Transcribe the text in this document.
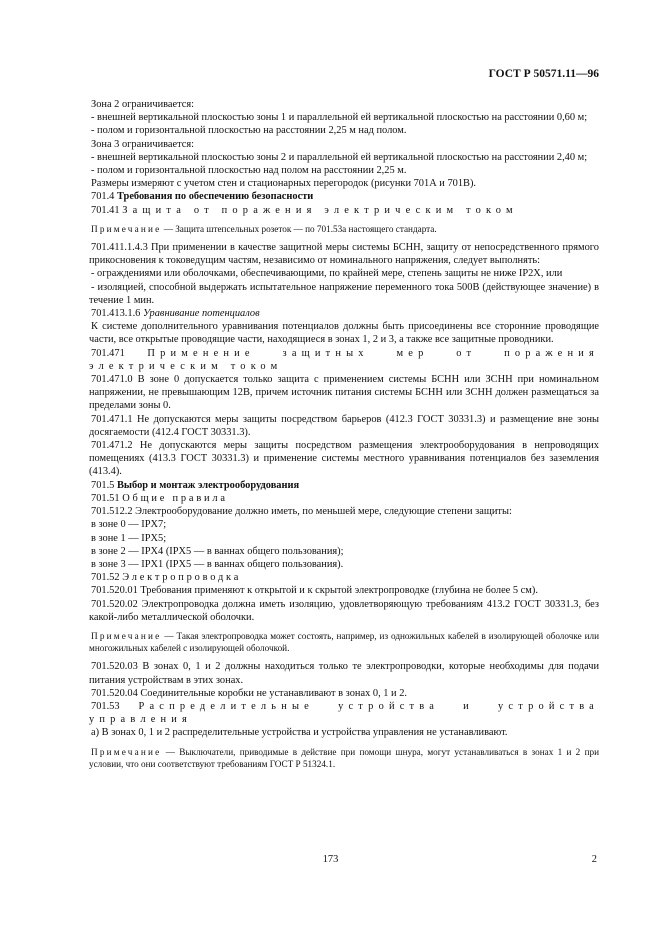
ГОСТ Р 50571.11—96

Зона 2 ограничивается:

- внешней вертикальной плоскостью зоны 1 и параллельной ей вертикальной плоскостью на расстоянии 0,60 м;

- полом и горизонтальной плоскостью на расстоянии 2,25 м над полом.

Зона 3 ограничивается:

- внешней вертикальной плоскостью зоны 2 и параллельной ей вертикальной плоскостью на расстоянии 2,40 м;

- полом и горизонтальной плоскостью над полом на расстоянии 2,25 м.

Размеры измеряют с учетом стен и стационарных перегородок (рисунки 701А и 701В).

701.4 Требования по обеспечению безопасности

701.41 Защита от поражения электрическим током

Примечание — Защита штепсельных розеток — по 701.53а настоящего стандарта.

701.411.1.4.3 При применении в качестве защитной меры системы БСНН, защиту от непосредственного прямого прикосновения к токоведущим частям, независимо от номинального напряжения, следует выполнять:

- ограждениями или оболочками, обеспечивающими, по крайней мере, степень защиты не ниже IP2X, или

- изоляцией, способной выдержать испытательное напряжение переменного тока 500В (действующее значение) в течение 1 мин.

701.413.1.6 Уравнивание потенциалов

К системе дополнительного уравнивания потенциалов должны быть присоединены все сторонние проводящие части, все открытые проводящие части, находящиеся в зонах 1, 2 и 3, а также все защитные проводники.

701.471 Применение защитных мер от поражения электрическим током

701.471.0 В зоне 0 допускается только защита с применением системы БСНН или ЗСНН при номинальном напряжении, не превышающим 12В, причем источник питания системы БСНН или ЗСНН должен размещаться за пределами зоны 0.

701.471.1 Не допускаются меры защиты посредством барьеров (412.3 ГОСТ 30331.3) и размещение вне зоны досягаемости (412.4 ГОСТ 30331.3).

701.471.2 Не допускаются меры защиты посредством размещения электрооборудования в непроводящих помещениях (413.3 ГОСТ 30331.3) и применение системы местного уравнивания потенциалов без заземления (413.4).

701.5 Выбор и монтаж электрооборудования

701.51 Общие правила

701.512.2 Электрооборудование должно иметь, по меньшей мере, следующие степени защиты:

в зоне 0 — IPX7;

в зоне 1 — IPX5;

в зоне 2 — IPX4 (IPX5 — в ваннах общего пользования);

в зоне 3 — IPX1 (IPX5 — в ваннах общего пользования).

701.52 Электропроводка

701.520.01 Требования применяют к открытой и к скрытой электропроводке (глубина не более 5 см).

701.520.02 Электропроводка должна иметь изоляцию, удовлетворяющую требованиям 413.2 ГОСТ 30331.3, без какой-либо металлической оболочки.

Примечание — Такая электропроводка может состоять, например, из одножильных кабелей в изолирующей оболочке или многожильных кабелей с изолирующей оболочкой.

701.520.03 В зонах 0, 1 и 2 должны находиться только те электропроводки, которые необходимы для подачи питания устройствам в этих зонах.

701.520.04 Соединительные коробки не устанавливают в зонах 0, 1 и 2.

701.53 Распределительные устройства и устройства управления

а) В зонах 0, 1 и 2 распределительные устройства и устройства управления не устанавливают.

Примечание — Выключатели, приводимые в действие при помощи шнура, могут устанавливаться в зонах 1 и 2 при условии, что они соответствуют требованиям ГОСТ Р 51324.1.

173	2
